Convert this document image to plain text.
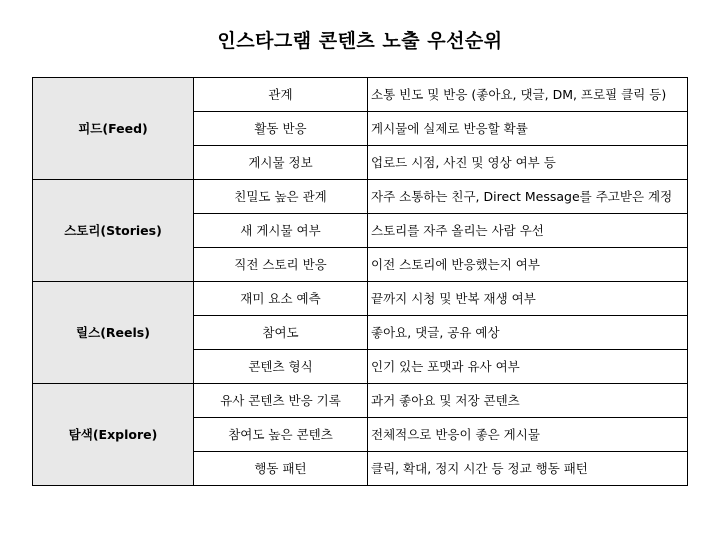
인스타그램 콘텐츠 노출 우선순위
피드(Feed)	관계	소통 빈도 및 반응 (좋아요, 댓글, DM, 프로필 클릭 등)
	활동 반응	게시물에 실제로 반응할 확률
	게시물 정보	업로드 시점, 사진 및 영상 여부 등
스토리(Stories)	친밀도 높은 관계	자주 소통하는 친구, Direct Message를 주고받은 계정
	새 게시물 여부	스토리를 자주 올리는 사람 우선
	직전 스토리 반응	이전 스토리에 반응했는지 여부
릴스(Reels)	재미 요소 예측	끝까지 시청 및 반복 재생 여부
	참여도	좋아요, 댓글, 공유 예상
	콘텐츠 형식	인기 있는 포맷과 유사 여부
탐색(Explore)	유사 콘텐츠 반응 기록	과거 좋아요 및 저장 콘텐츠
	참여도 높은 콘텐츠	전체적으로 반응이 좋은 게시물
	행동 패턴	클릭, 확대, 정지 시간 등 정교 행동 패턴
